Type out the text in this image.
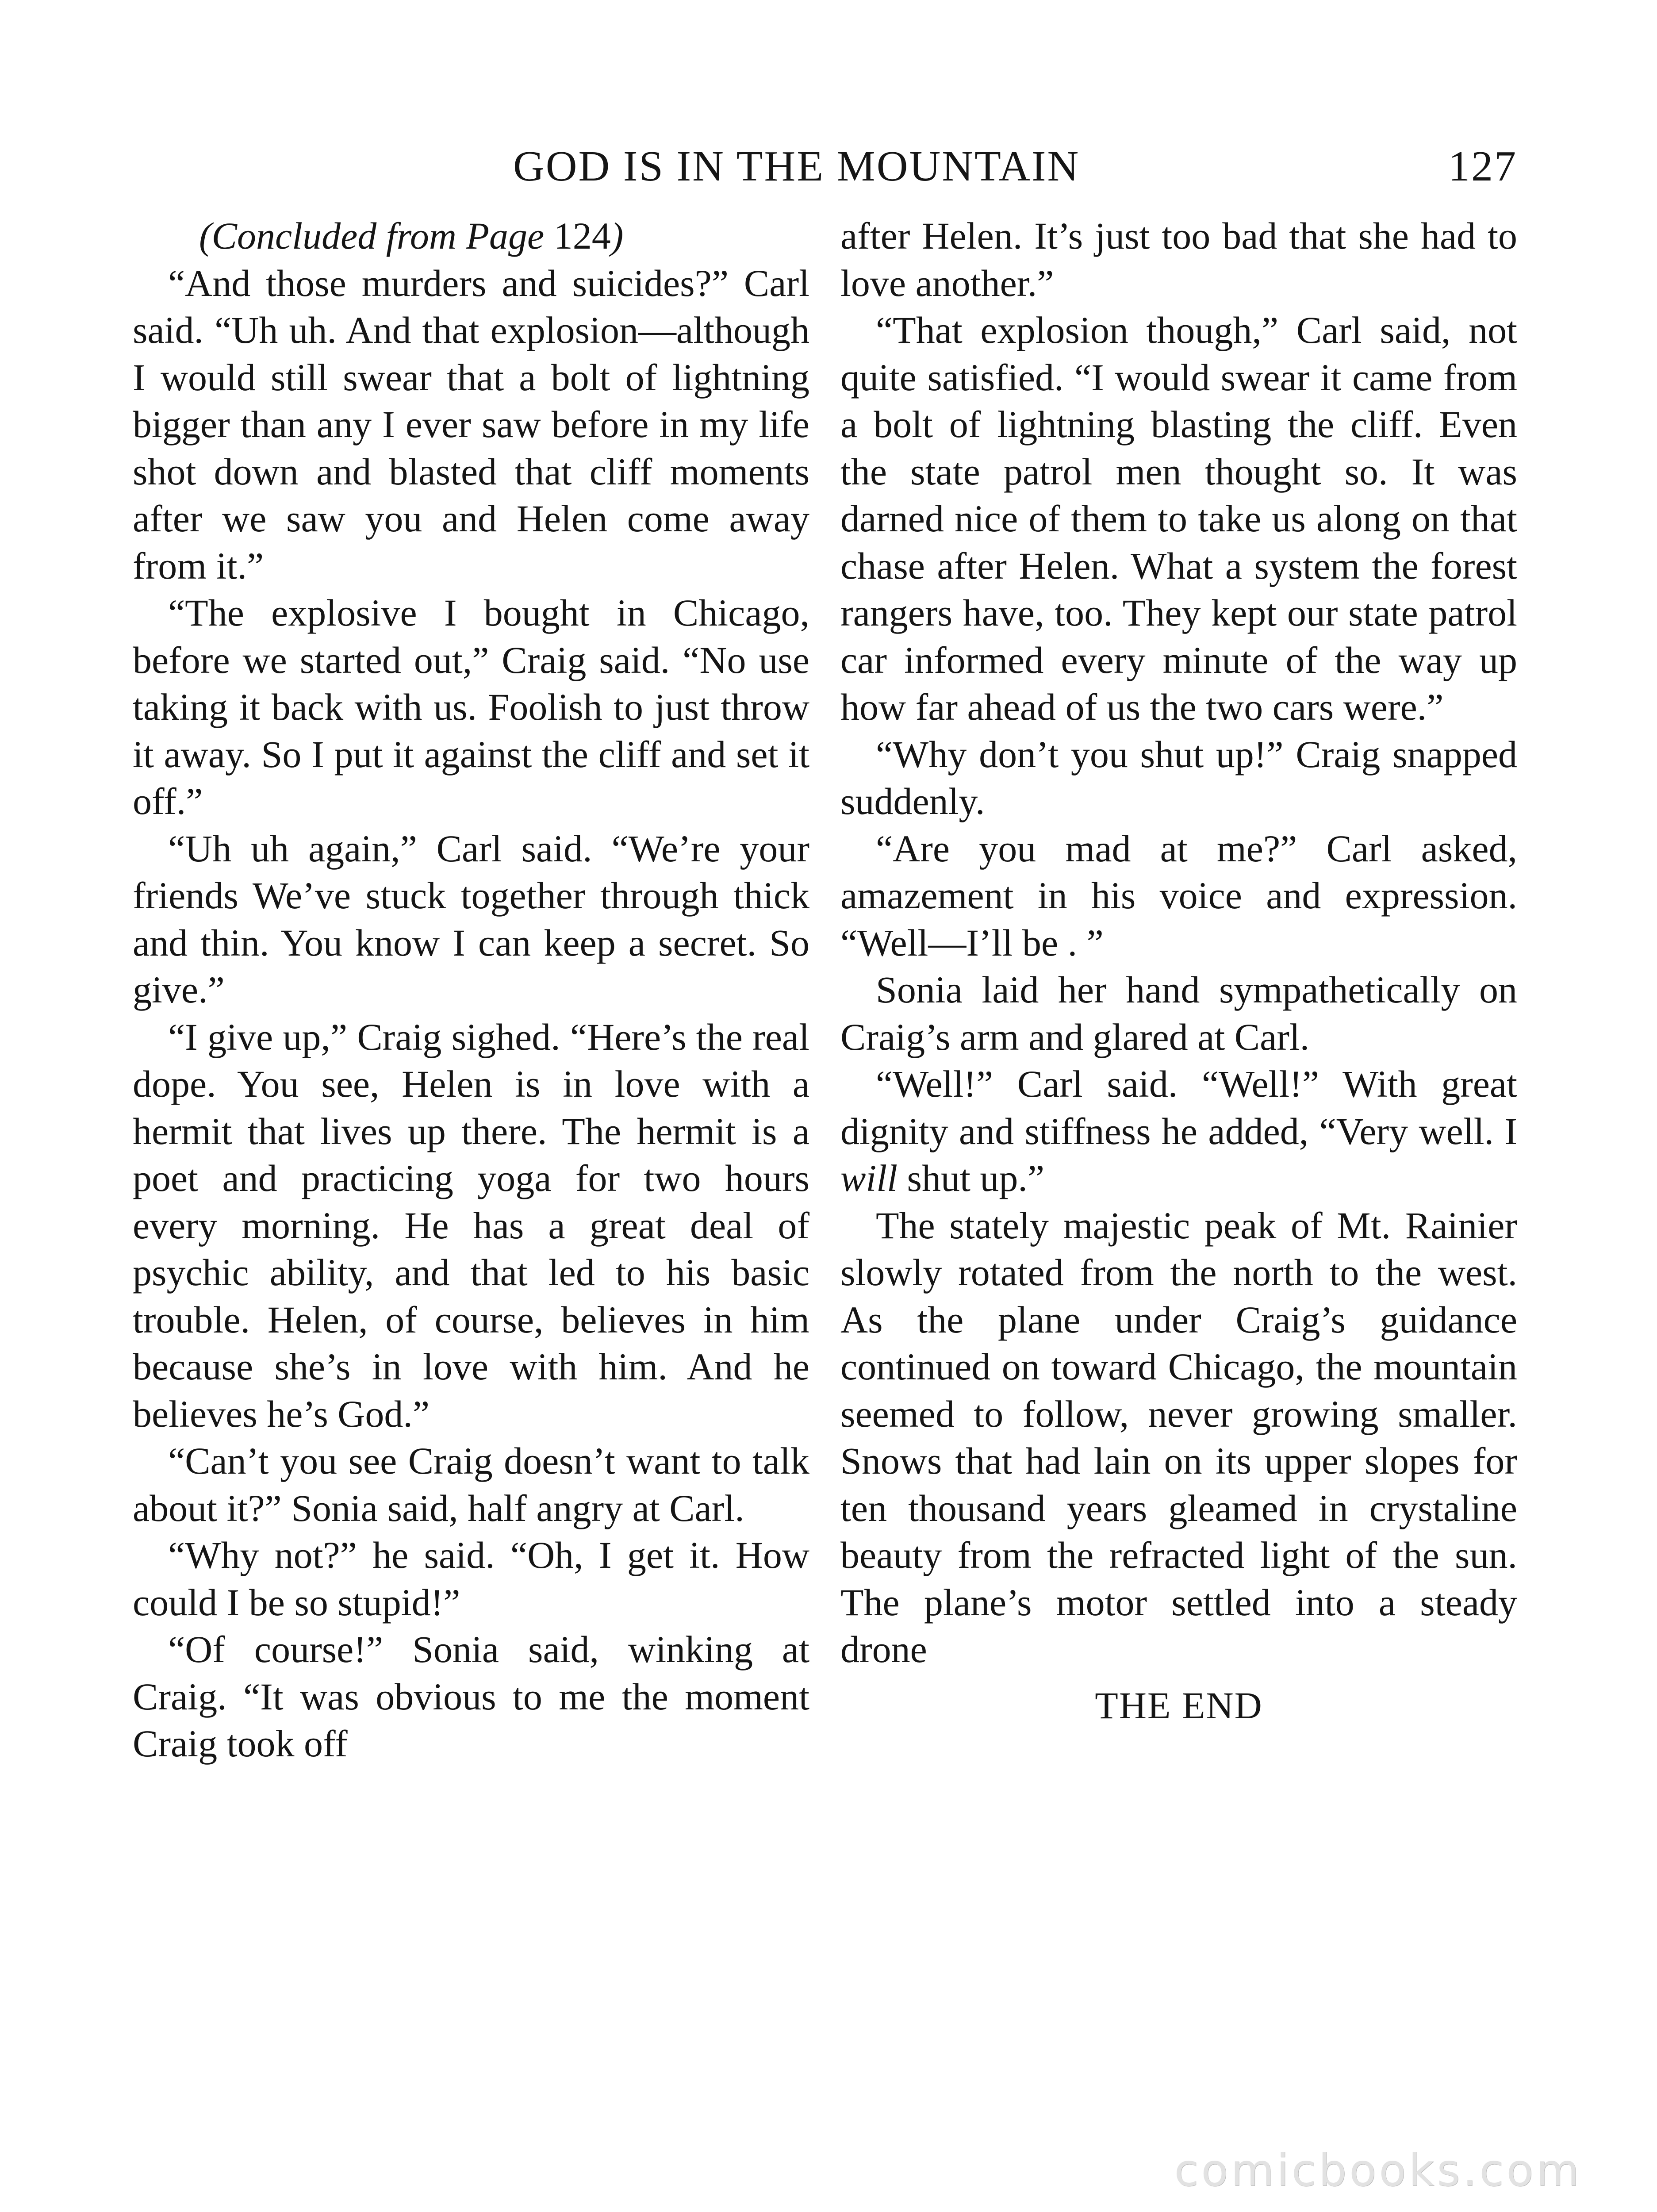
GOD IS IN THE MOUNTAIN	127

(Concluded from Page 124)

“And those murders and suicides?” Carl said. “Uh uh. And that explosion—although I would still swear that a bolt of lightning bigger than any I ever saw before in my life shot down and blasted that cliff moments after we saw you and Helen come away from it.”

“The explosive I bought in Chicago, before we started out,” Craig said. “No use taking it back with us. Foolish to just throw it away. So I put it against the cliff and set it off.”

“Uh uh again,” Carl said. “We’re your friends We’ve stuck together through thick and thin. You know I can keep a secret. So give.”

“I give up,” Craig sighed. “Here’s the real dope. You see, Helen is in love with a hermit that lives up there. The hermit is a poet and practicing yoga for two hours every morning. He has a great deal of psychic ability, and that led to his basic trouble. Helen, of course, believes in him because she’s in love with him. And he believes he’s God.”

“Can’t you see Craig doesn’t want to talk about it?” Sonia said, half angry at Carl.

“Why not?” he said. “Oh, I get it. How could I be so stupid!”

“Of course!” Sonia said, winking at Craig. “It was obvious to me the moment Craig took off

after Helen. It’s just too bad that she had to love another.”

“That explosion though,” Carl said, not quite satisfied. “I would swear it came from a bolt of lightning blasting the cliff. Even the state patrol men thought so. It was darned nice of them to take us along on that chase after Helen. What a system the forest rangers have, too. They kept our state patrol car informed every minute of the way up how far ahead of us the two cars were.”

“Why don’t you shut up!” Craig snapped suddenly.

“Are you mad at me?” Carl asked, amazement in his voice and expression. “Well—I’ll be . ”

Sonia laid her hand sympathetically on Craig’s arm and glared at Carl.

“Well!” Carl said. “Well!” With great dignity and stiffness he added, “Very well. I will shut up.”

The stately majestic peak of Mt. Rainier slowly rotated from the north to the west. As the plane under Craig’s guidance continued on toward Chicago, the mountain seemed to follow, never growing smaller. Snows that had lain on its upper slopes for ten thousand years gleamed in crystaline beauty from the refracted light of the sun. The plane’s motor settled into a steady drone

THE END

comicbooks.com
